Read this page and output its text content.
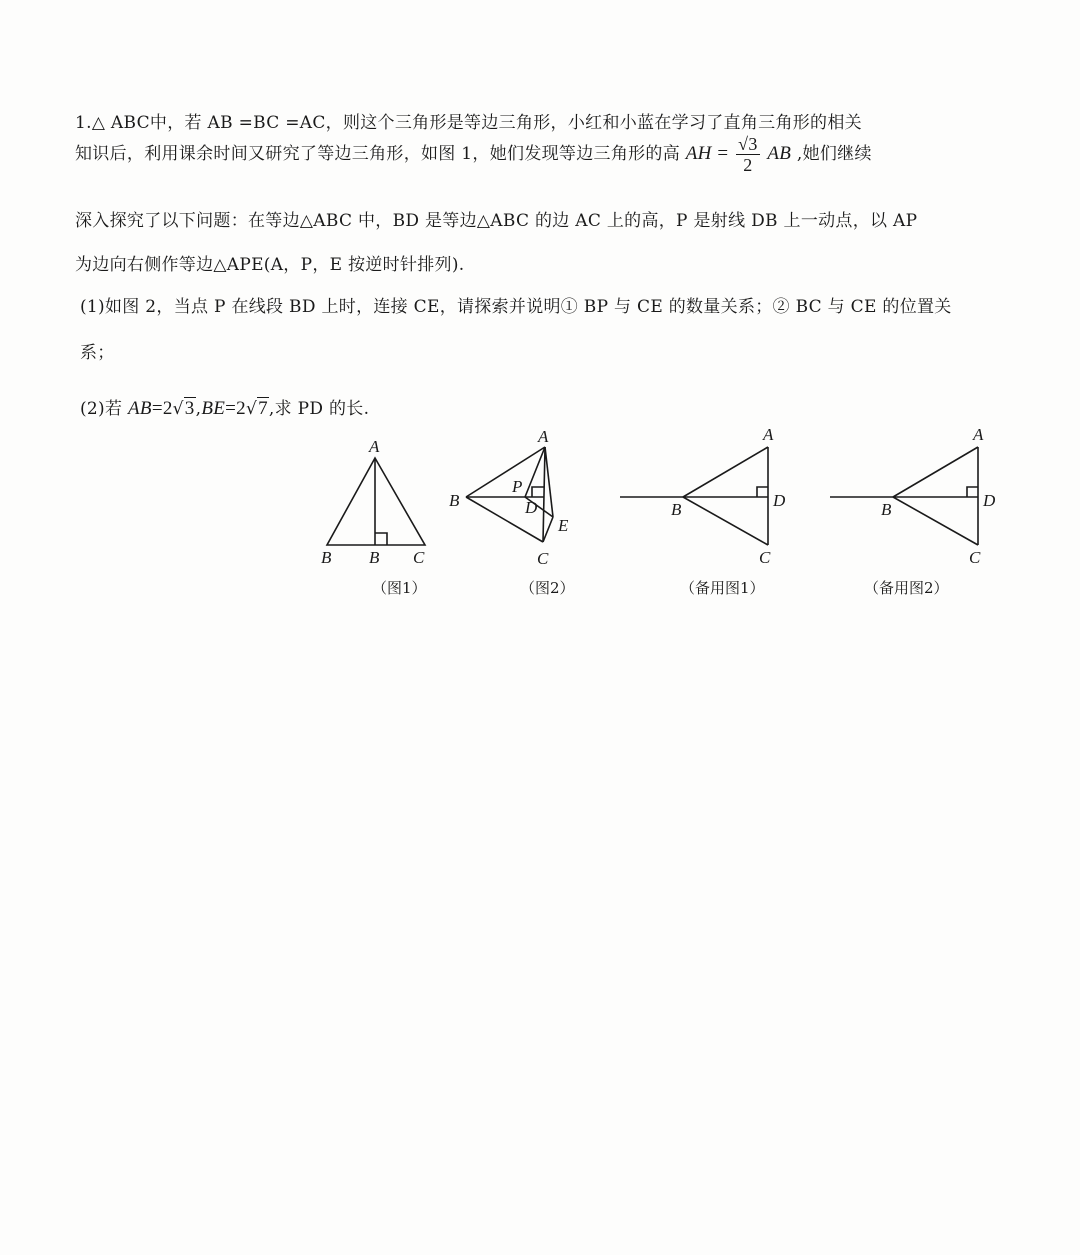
1.△ ABC中，若 AB =BC =AC，则这个三角形是等边三角形，小红和小蓝在学习了直角三角形的相关
知识后，利用课余时间又研究了等边三角形，如图 1，她们发现等边三角形的高 AH = $\frac{√3}{2}$ AB ,她们继续
深入探究了以下问题：在等边△ABC 中，BD 是等边△ABC 的边 AC 上的高，P 是射线 DB 上一动点，以 AP
为边向右侧作等边△APE(A，P，E 按逆时针排列).
(1)如图 2，当点 P 在线段 BD 上时，连接 CE，请探索并说明① BP 与 CE 的数量关系；② BC 与 CE 的位置关
系；
(2)若 AB=2√3,BE=2√7,求 PD 的长.
A
B B C
（图1）
A
B
P
D
E
C
（图2）
A
B	D
C
（备用图1）
A
B	D
C
（备用图2）
